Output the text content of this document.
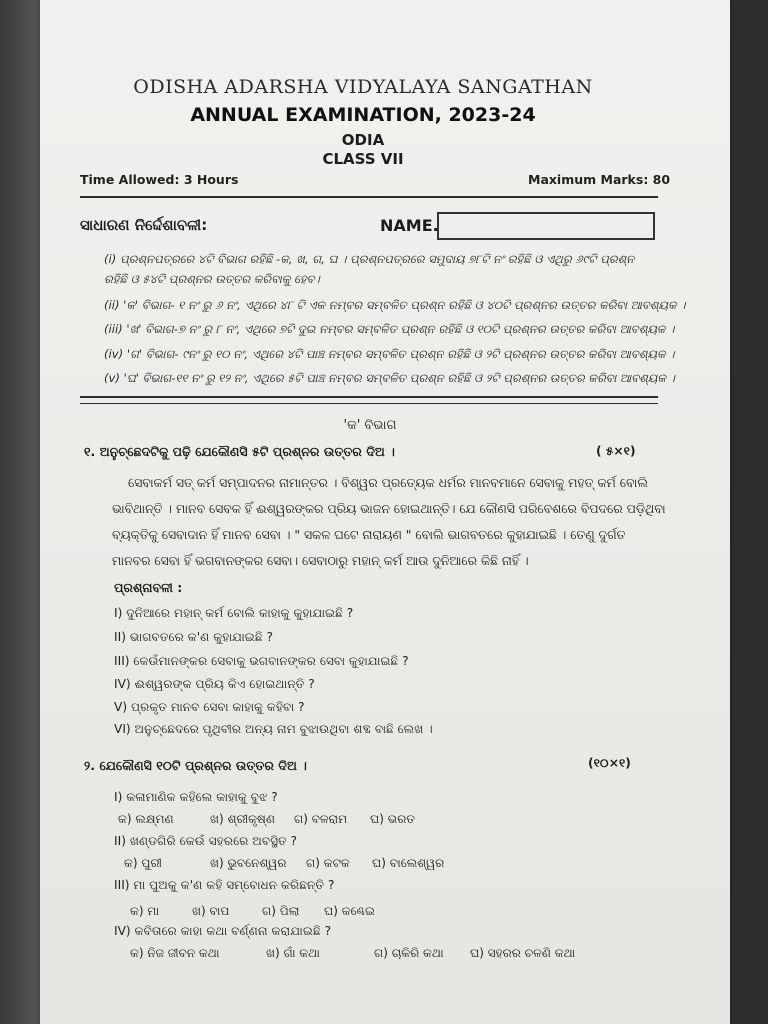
ODISHA ADARSHA VIDYALAYA SANGATHAN
ANNUAL EXAMINATION, 2023-24
ODIA
CLASS VII
Time Allowed: 3 Hours	Maximum Marks: 80
ସାଧାରଣ ନିର୍ଦ୍ଦେଶାବଳୀ:	NAME.
(i) ପ୍ରଶ୍ନପତ୍ରରେ ୪ଟି ବିଭାଗ ରହିଛି -କ, ଖ, ଗ, ଘ । ପ୍ରଶ୍ନପତ୍ରରେ ସମୁଦାୟ ୭୮ଟି ନଂ ରହିଛି ଓ ଏଥିରୁ ୬୯ଟି ପ୍ରଶ୍ନ
ରହିଛି ଓ ୫୪ଟି ପ୍ରଶ୍ନର ଉତ୍ତର କରିବାକୁ ହେବ।
(ii) 'କ' ବିଭାଗ- ୧ ନଂ ରୁ ୬ ନଂ, ଏଥିରେ ୪୮ ଟି ଏକ ନମ୍ବର ସମ୍ବଳିତ ପ୍ରଶ୍ନ ରହିଛି ଓ ୪୦ଟି ପ୍ରଶ୍ନର ଉତ୍ତର କରିବା ଆବଶ୍ୟକ ।
(iii) 'ଖ' ବିଭାଗ-୭ ନଂ ରୁ ୮ ନଂ, ଏଥିରେ ୭ଟି ଦୁଇ ନମ୍ବର ସମ୍ବଳିତ ପ୍ରଶ୍ନ ରହିଛି ଓ ୧୦ଟି ପ୍ରଶ୍ନର ଉତ୍ତର କରିବା ଆବଶ୍ୟକ ।
(iv) 'ଗ' ବିଭାଗ- ୯ନଂ ରୁ ୧୦ ନଂ, ଏଥିରେ ୪ଟି ପାଞ୍ଚ ନମ୍ବର ସମ୍ବଳିତ ପ୍ରଶ୍ନ ରହିଛି ଓ ୨ଟି ପ୍ରଶ୍ନର ଉତ୍ତର କରିବା ଆବଶ୍ୟକ ।
(v) 'ଘ' ବିଭାଗ-୧୧ ନଂ ରୁ ୧୨ ନଂ, ଏଥିରେ ୫ଟି ପାଞ୍ଚ ନମ୍ବର ସମ୍ବଳିତ ପ୍ରଶ୍ନ ରହିଛି ଓ ୨ଟି ପ୍ରଶ୍ନର ଉତ୍ତର କରିବା ଆବଶ୍ୟକ ।
'କ' ବିଭାଗ
୧. ଅନୁଚ୍ଛେଦଟିକୁ ପଢ଼ି ଯେକୌଣସି ୫ଟି ପ୍ରଶ୍ନର ଉତ୍ତର ଦିଅ ।	( ୫×୧)
ସେବାକର୍ମ ସତ୍ କର୍ମ ସମ୍ପାଦନର ନାମାନ୍ତର । ବିଶ୍ୱର ପ୍ରତ୍ୟେକ ଧର୍ମର ମାନବମାନେ ସେବାକୁ ମହତ୍ କର୍ମ ବୋଲି
ଭାବିଥାନ୍ତି । ମାନବ ସେବକ ହିଁ ଈଶ୍ୱରଙ୍କର ପ୍ରିୟ ଭାଜନ ହୋଇଥାନ୍ତି। ଯେ କୌଣସି ପରିବେଶରେ ବିପଦରେ ପଡ଼ିଥିବା
ବ୍ୟକ୍ତିକୁ ସେବାଦାନ ହିଁ ମାନବ ସେବା । " ସକଳ ଘଟେ ନାରାୟଣ " ବୋଲି ଭାଗବତରେ କୁହାଯାଇଛି । ତେଣୁ ଦୁର୍ଗତ
ମାନବର ସେବା ହିଁ ଭଗବାନଙ୍କର ସେବା। ସେବାଠାରୁ ମହାନ୍ କର୍ମ ଆଉ ଦୁନିଆରେ କିଛି ନାହିଁ ।
ପ୍ରଶ୍ନାବଳୀ :
I) ଦୁନିଆରେ ମହାନ୍ କର୍ମ ବୋଲି କାହାକୁ କୁହାଯାଇଛି ?
II) ଭାଗବତରେ କ'ଣ କୁହାଯାଇଛି ?
III) କେଉଁମାନଙ୍କର ସେବାକୁ ଭଗବାନଙ୍କର ସେବା କୁହାଯାଇଛି ?
IV) ଈଶ୍ୱରଙ୍କ ପ୍ରିୟ କିଏ ହୋଇଥାନ୍ତି ?
V) ପ୍ରକୃତ ମାନବ ସେବା କାହାକୁ କହିବା ?
VI) ଅନୁଚ୍ଛେଦରେ ପୃଥିବୀର ଅନ୍ୟ ନାମ ବୁଝାଉଥିବା ଶବ୍ଦ ବାଛି ଲେଖ ।
୨. ଯେକୌଣସି ୧୦ଟି ପ୍ରଶ୍ନର ଉତ୍ତର ଦିଅ ।	(୧୦×୧)
I) କଳାମାଣିକ କହିଲେ କାହାକୁ ବୁଝ ?
କ) ଲକ୍ଷ୍ମଣ	ଖ) ଶ୍ରୀକୃଷ୍ଣ ଗ) ବଳରାମ ଘ) ଭରତ
II) ଖଣ୍ଡଗିରି କେଉଁ ସହରରେ ଅବସ୍ଥିତ ?
କ) ପୁରୀ	ଖ) ଭୁବନେଶ୍ୱର ଗ) କଟକ ଘ) ବାଲେଶ୍ୱର
III) ମା ପୁଅକୁ କ'ଣ କହି ସମ୍ବୋଧନ କରିଛନ୍ତି ?
କ) ମା	ଖ) ବାପ	ଗ) ପିଲା ଘ) କଣ୍ଢେଇ
IV) କବିତାରେ କାହା କଥା ବର୍ଣ୍ଣନା କରାଯାଇଛି ?
କ) ନିଜ ଜୀବନ କଥା	ଖ) ଗାଁ କଥା	ଗ) ଚାକିରି କଥା ଘ) ସହରର ଚଳଣି କଥା
